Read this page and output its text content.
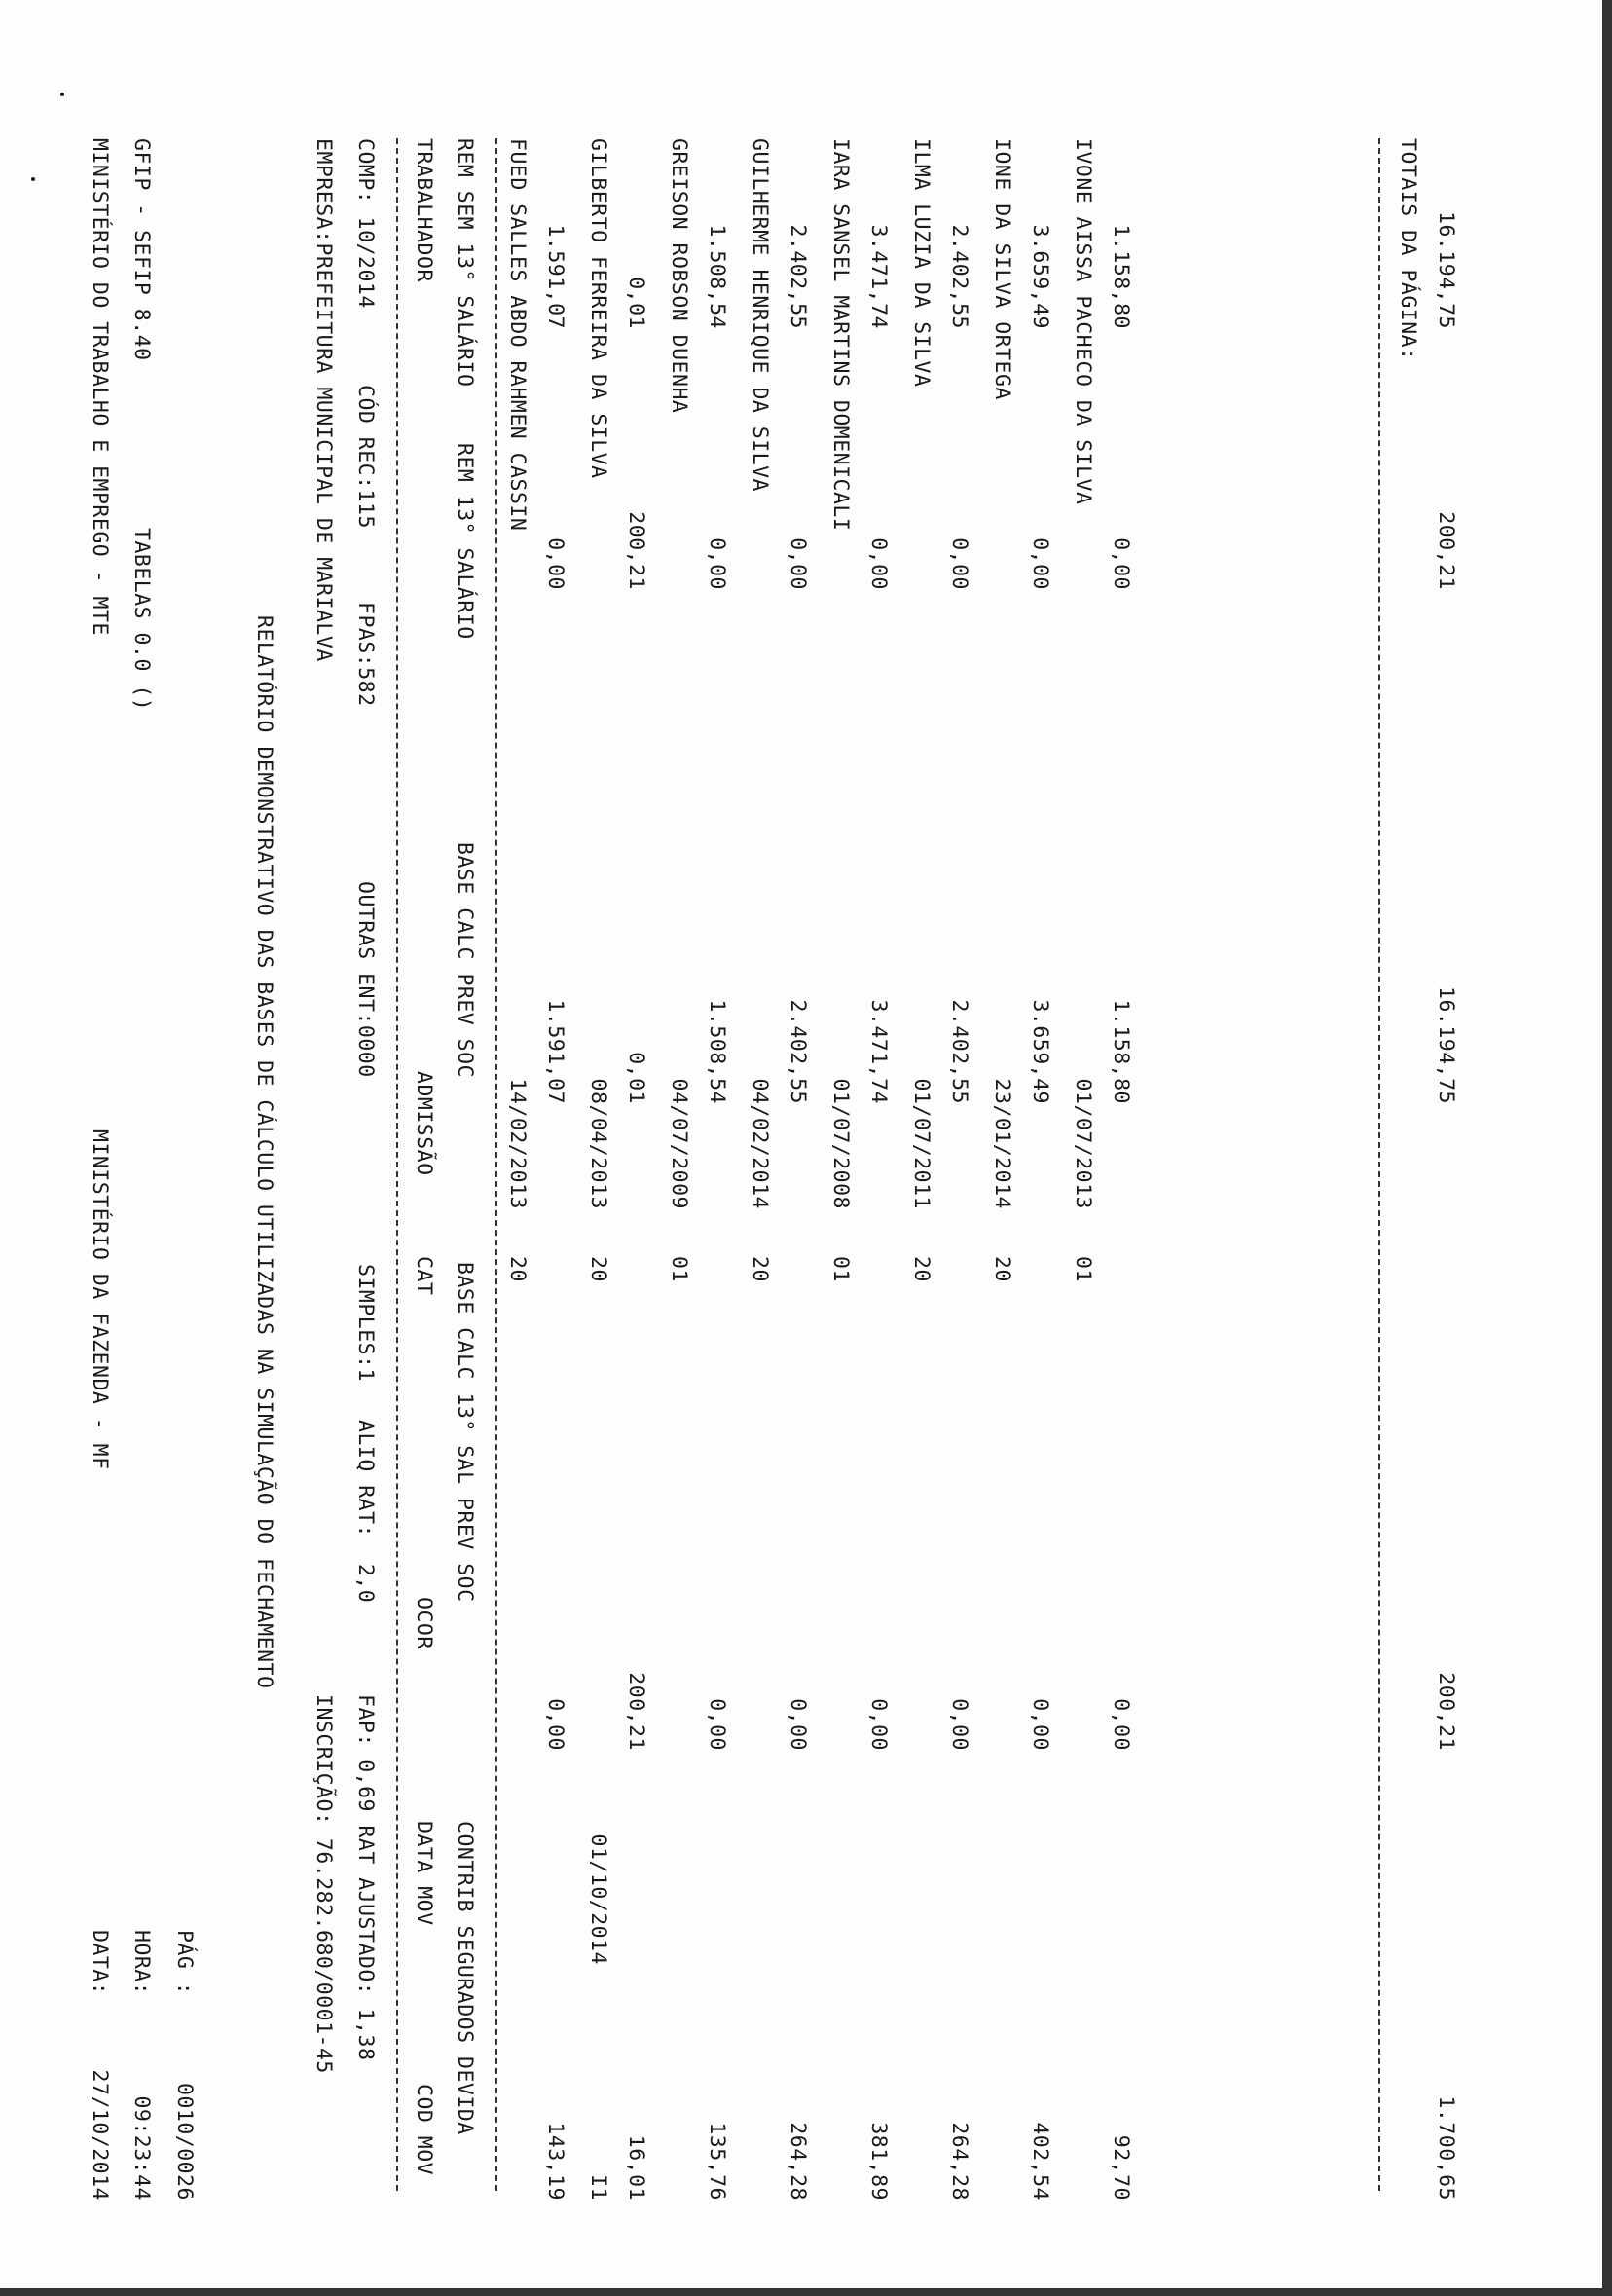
MINISTÉRIO DO TRABALHO E EMPREGO - MTE
MINISTÉRIO DA FAZENDA - MF
DATA:
27/10/2014
GFIP - SEFIP 8.40
TABELAS 0.0 ()
HORA:
09:23:44
PÁG :
0010/0026
RELATÓRIO DEMONSTRATIVO DAS BASES DE CÁLCULO UTILIZADAS NA SIMULAÇÃO DO FECHAMENTO
EMPRESA:PREFEITURA MUNICIPAL DE MARIALVA
INSCRIÇÃO: 76.282.680/0001-45
COMP: 10/2014
CÓD REC:115
FPAS:582
OUTRAS ENT:0000
SIMPLES:1
ALIQ RAT:  2,0
FAP: 0,69 RAT AJUSTADO: 1,38
TRABALHADOR
ADMISSÃO
CAT
OCOR
DATA MOV
COD MOV
REM SEM 13° SALÁRIO
REM 13° SALÁRIO
BASE CALC PREV SOC
BASE CALC 13° SAL PREV SOC
CONTRIB SEGURADOS DEVIDA
FUED SALLES ABDO RAHMEN CASSIN
14/02/2013
20
1.591,07
0,00
1.591,07
0,00
143,19
GILBERTO FERREIRA DA SILVA
08/04/2013
20
01/10/2014
I1
0,01
200,21
0,01
200,21
16,01
GREISON ROBSON DUENHA
04/07/2009
01
1.508,54
0,00
1.508,54
0,00
135,76
GUILHERME HENRIQUE DA SILVA
04/02/2014
20
2.402,55
0,00
2.402,55
0,00
264,28
IARA SANSEL MARTINS DOMENICALI
01/07/2008
01
3.471,74
0,00
3.471,74
0,00
381,89
ILMA LUZIA DA SILVA
01/07/2011
20
2.402,55
0,00
2.402,55
0,00
264,28
IONE DA SILVA ORTEGA
23/01/2014
20
3.659,49
0,00
3.659,49
0,00
402,54
IVONE AISSA PACHECO DA SILVA
01/07/2013
01
1.158,80
0,00
1.158,80
0,00
92,70
TOTAIS DA PÁGINA: 16.194,75
200,21
16.194,75
200,21
1.700,65
